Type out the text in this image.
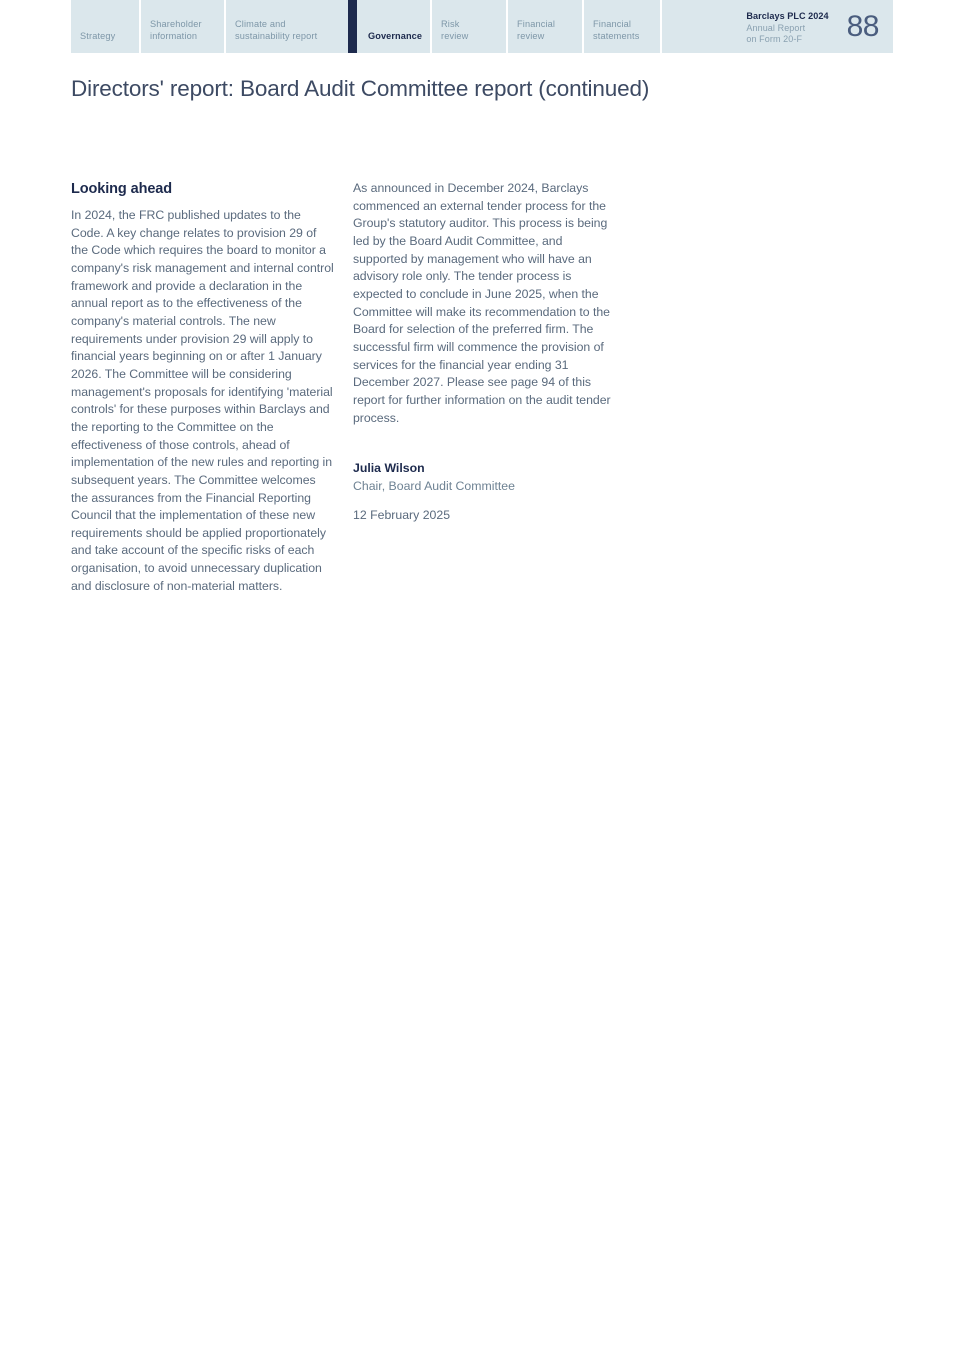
Strategy
Shareholder
information
Climate and
sustainability report	Governance
Risk
review
Financial
review
Financial
statements
Barclays PLC 2024
Annual Report
on Form 20-F	88
Directors' report: Board Audit Committee report (continued)
Looking ahead

In 2024, the FRC published updates to the Code. A key change relates to provision 29 of the Code which requires the board to monitor a company's risk management and internal control framework and provide a declaration in the annual report as to the effectiveness of the company's material controls. The new requirements under provision 29 will apply to financial years beginning on or after 1 January 2026. The Committee will be considering management's proposals for identifying 'material controls' for these purposes within Barclays and the reporting to the Committee on the effectiveness of those controls, ahead of implementation of the new rules and reporting in subsequent years. The Committee welcomes the assurances from the Financial Reporting Council that the implementation of these new requirements should be applied proportionately and take account of the specific risks of each organisation, to avoid unnecessary duplication and disclosure of non-material matters.

As announced in December 2024, Barclays commenced an external tender process for the Group's statutory auditor. This process is being led by the Board Audit Committee, and supported by management who will have an advisory role only. The tender process is expected to conclude in June 2025, when the Committee will make its recommendation to the Board for selection of the preferred firm. The successful firm will commence the provision of services for the financial year ending 31 December 2027. Please see page 94 of this report for further information on the audit tender process.

Julia Wilson
Chair, Board Audit Committee
12 February 2025
